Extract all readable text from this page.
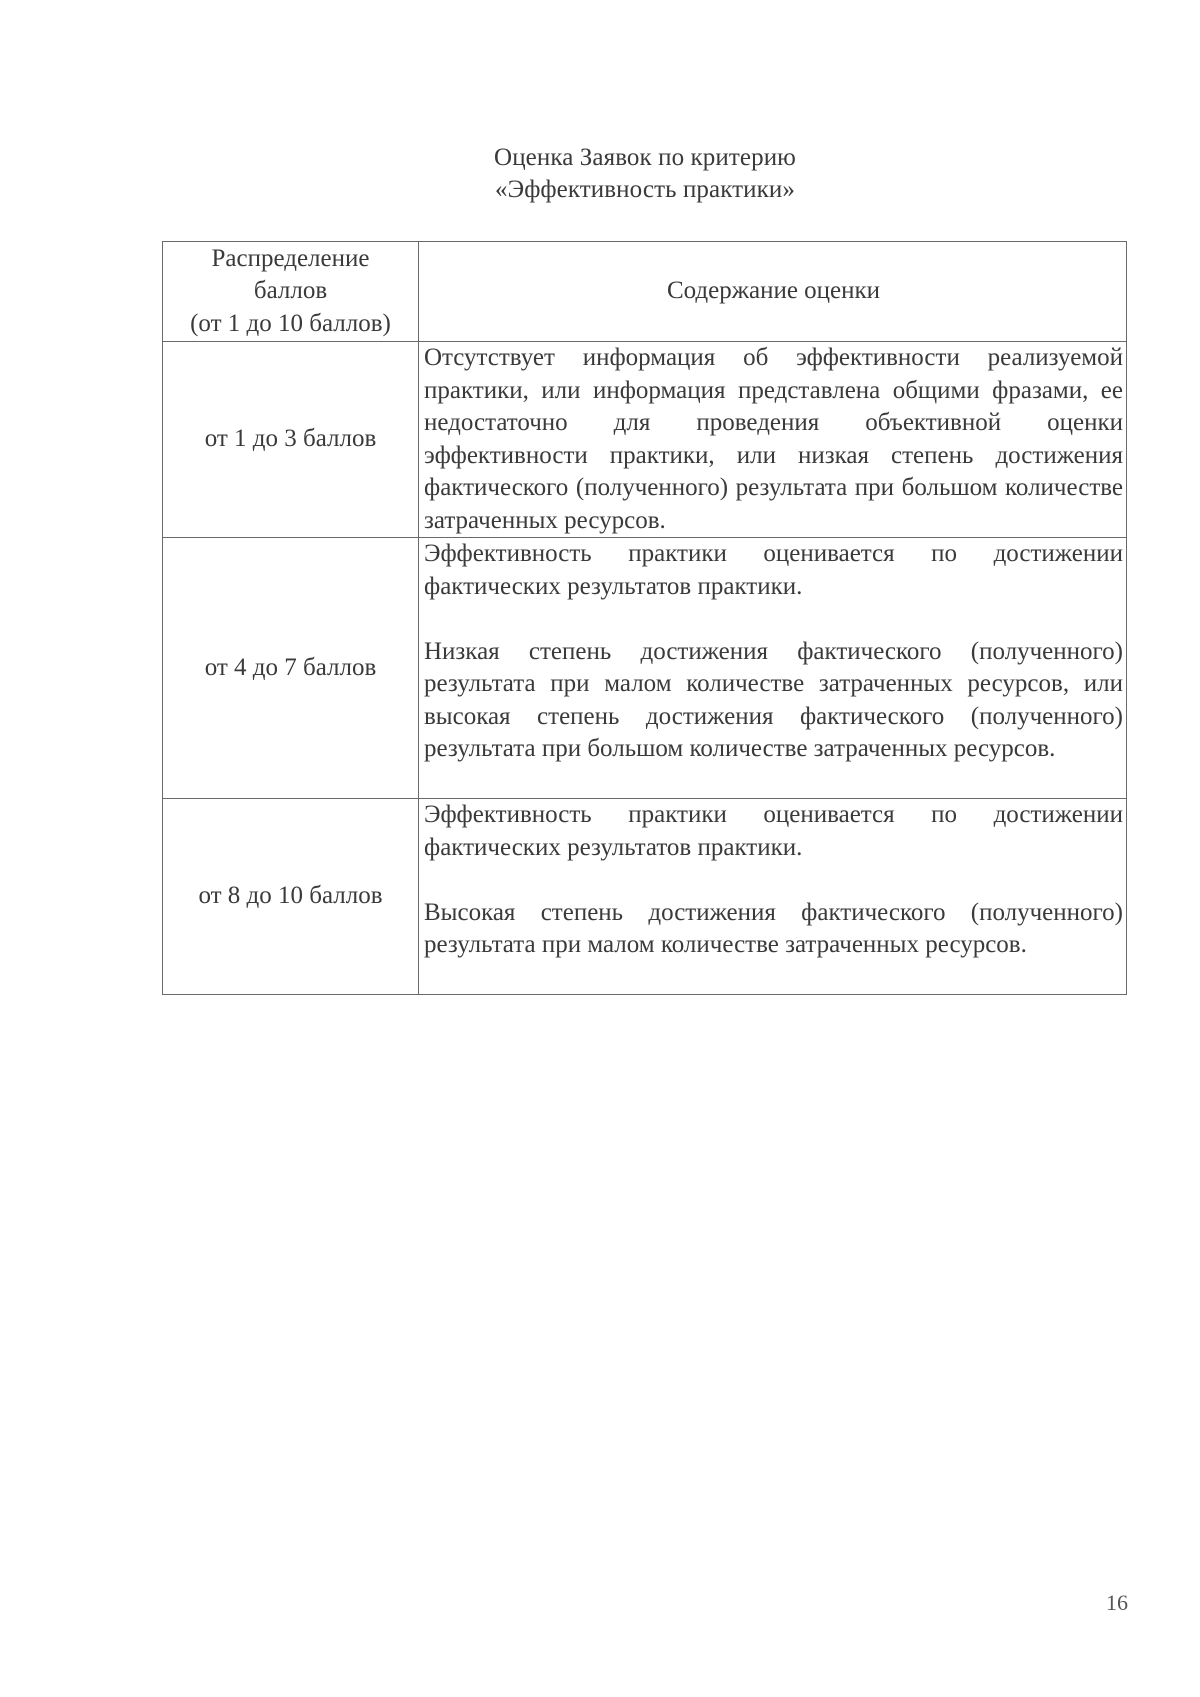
Оценка Заявок по критерию
«Эффективность практики»
Распределение
баллов
(от 1 до 10 баллов)	Содержание оценки

от 1 до 3 баллов	Отсутствует информация об эффективности реализуемой практики, или информация представлена общими фразами, ее недостаточно для проведения объективной оценки эффективности практики, или низкая степень достижения фактического (полученного) результата при большом количестве затраченных ресурсов.

от 4 до 7 баллов	Эффективность практики оценивается по достижении фактических результатов практики.
Низкая степень достижения фактического (полученного) результата при малом количестве затраченных ресурсов, или высокая степень достижения фактического (полученного) результата при большом количестве затраченных ресурсов.

от 8 до 10 баллов	Эффективность практики оценивается по достижении фактических результатов практики.
Высокая степень достижения фактического (полученного) результата при малом количестве затраченных ресурсов.
16
